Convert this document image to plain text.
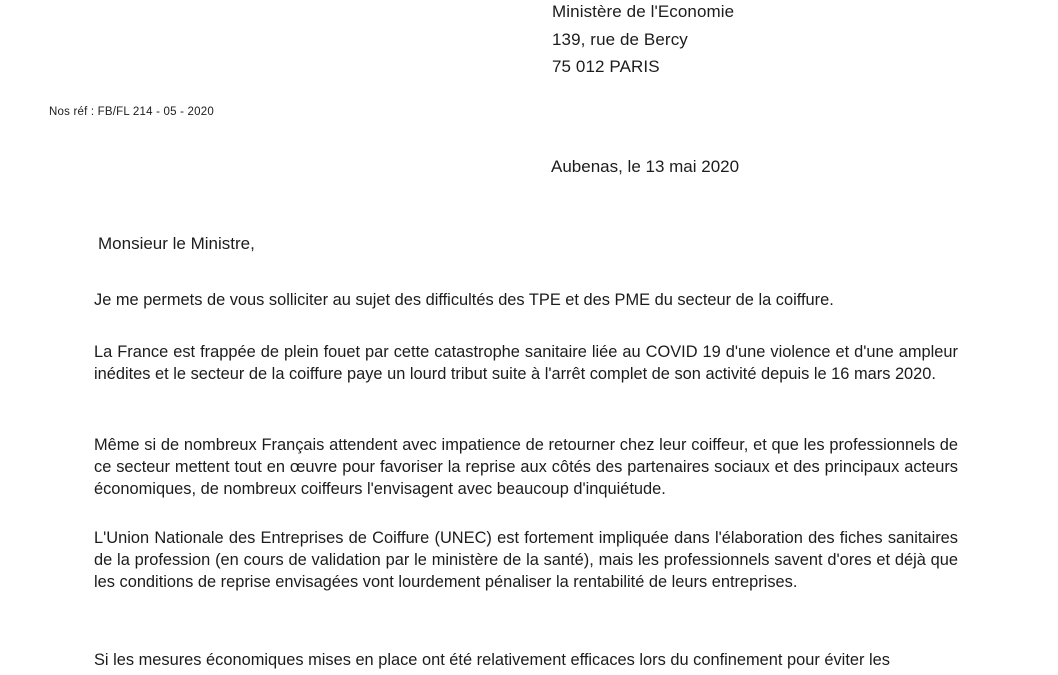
Ministère de l'Economie
139, rue de Bercy
75 012 PARIS
Nos réf : FB/FL 214 - 05 - 2020
Aubenas, le 13 mai 2020
Monsieur le Ministre,

Je me permets de vous solliciter au sujet des difficultés des TPE et des PME du secteur de la coiffure.

La France est frappée de plein fouet par cette catastrophe sanitaire liée au COVID 19 d'une violence et d'une ampleur inédites et le secteur de la coiffure paye un lourd tribut suite à l'arrêt complet de son activité depuis le 16 mars 2020.

Même si de nombreux Français attendent avec impatience de retourner chez leur coiffeur, et que les professionnels de ce secteur mettent tout en œuvre pour favoriser la reprise aux côtés des partenaires sociaux et des principaux acteurs économiques, de nombreux coiffeurs l'envisagent avec beaucoup d'inquiétude.

L'Union Nationale des Entreprises de Coiffure (UNEC) est fortement impliquée dans l'élaboration des fiches sanitaires de la profession (en cours de validation par le ministère de la santé), mais les professionnels savent d'ores et déjà que les conditions de reprise envisagées vont lourdement pénaliser la rentabilité de leurs entreprises.

Si les mesures économiques mises en place ont été relativement efficaces lors du confinement pour éviter les
